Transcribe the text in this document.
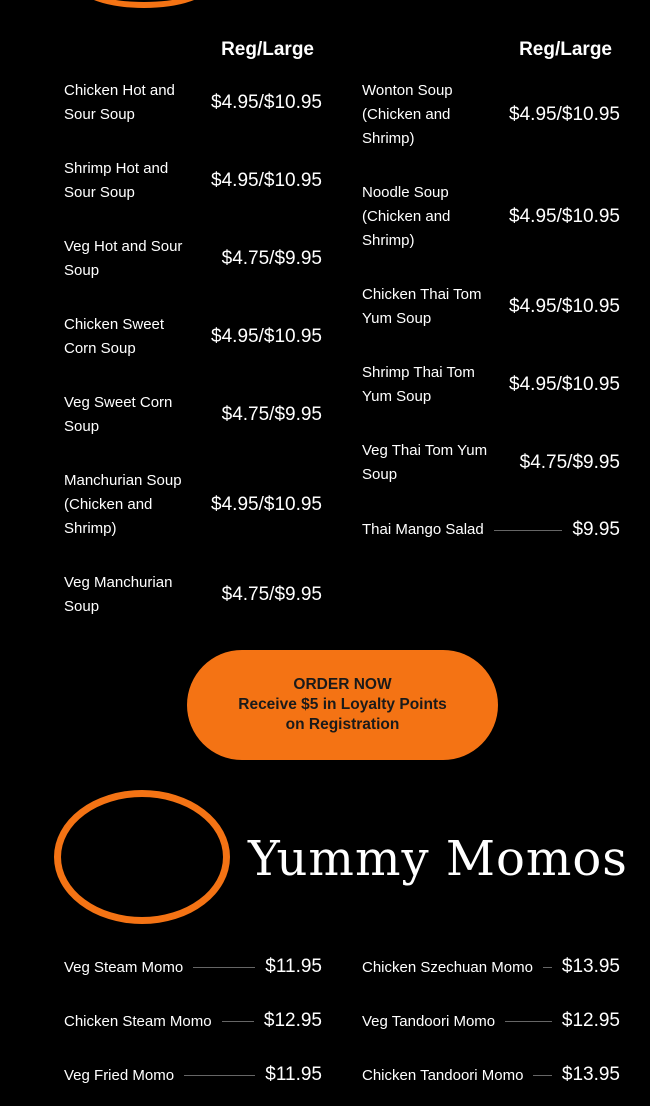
Reg/Large
Chicken Hot and Sour Soup
$4.95/$10.95
Shrimp Hot and Sour Soup
$4.95/$10.95
Veg Hot and Sour Soup
$4.75/$9.95
Chicken Sweet Corn Soup
$4.95/$10.95
Veg Sweet Corn Soup
$4.75/$9.95
Manchurian Soup (Chicken and Shrimp)
$4.95/$10.95
Veg Manchurian Soup
$4.75/$9.95
Reg/Large
Wonton Soup (Chicken and Shrimp)
$4.95/$10.95
Noodle Soup (Chicken and Shrimp)
$4.95/$10.95
Chicken Thai Tom Yum Soup
$4.95/$10.95
Shrimp Thai Tom Yum Soup
$4.95/$10.95
Veg Thai Tom Yum Soup
$4.75/$9.95
Thai Mango Salad	$9.95
ORDER NOW
Receive $5 in Loyalty Points
on Registration
Yummy Momos
Veg Steam Momo	$11.95
Chicken Steam Momo	$12.95
Veg Fried Momo	$11.95
Chicken Szechuan Momo $13.95
Veg Tandoori Momo	$12.95
Chicken Tandoori Momo $13.95
